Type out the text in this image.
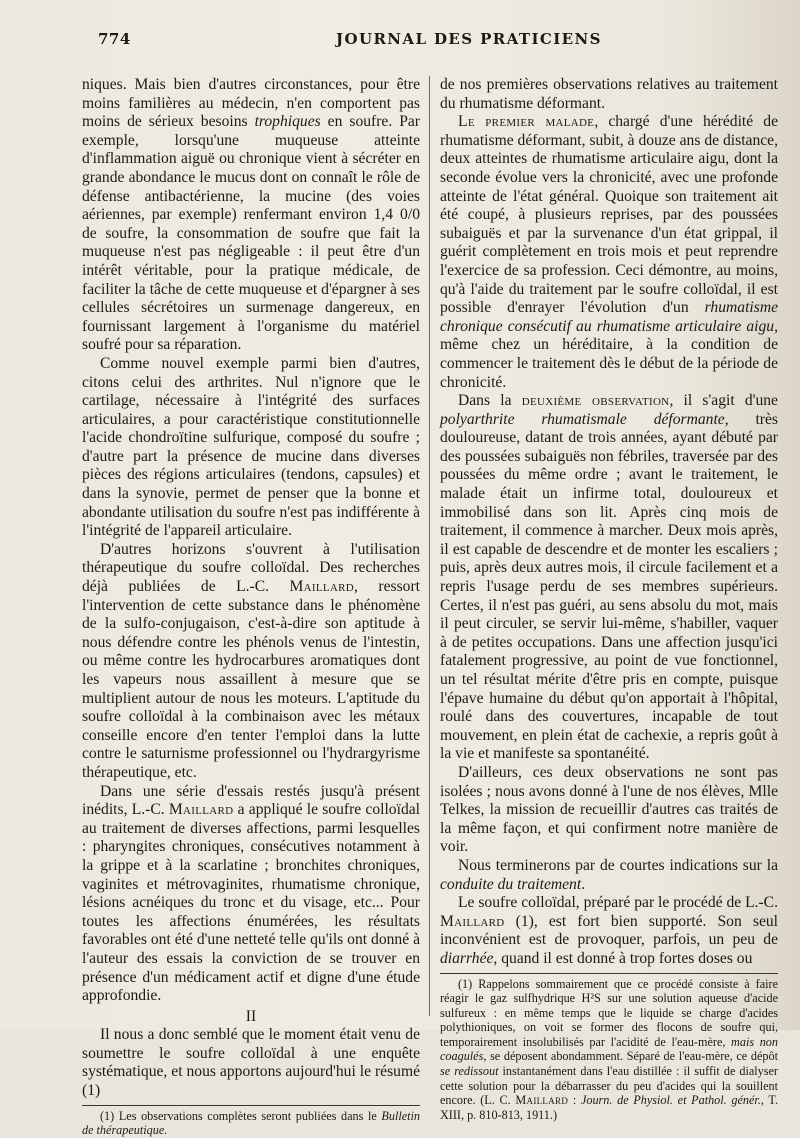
774	JOURNAL DES PRATICIENS

niques. Mais bien d'autres circonstances, pour être moins familières au médecin, n'en comportent pas moins de sérieux besoins trophiques en soufre. Par exemple, lorsqu'une muqueuse atteinte d'inflammation aiguë ou chronique vient à sécréter en grande abondance le mucus dont on connaît le rôle de défense antibactérienne, la mucine (des voies aériennes, par exemple) renfermant environ 1,4 0/0 de soufre, la consommation de soufre que fait la muqueuse n'est pas négligeable : il peut être d'un intérêt véritable, pour la pratique médicale, de faciliter la tâche de cette muqueuse et d'épargner à ses cellules sécrétoires un surmenage dangereux, en fournissant largement à l'organisme du matériel soufré pour sa réparation.

Comme nouvel exemple parmi bien d'autres, citons celui des arthrites. Nul n'ignore que le cartilage, nécessaire à l'intégrité des surfaces articulaires, a pour caractéristique constitutionnelle l'acide chondroïtine sulfurique, composé du soufre ; d'autre part la présence de mucine dans diverses pièces des régions articulaires (tendons, capsules) et dans la synovie, permet de penser que la bonne et abondante utilisation du soufre n'est pas indifférente à l'intégrité de l'appareil articulaire.

D'autres horizons s'ouvrent à l'utilisation thérapeutique du soufre colloïdal. Des recherches déjà publiées de L.-C. Maillard, ressort l'intervention de cette substance dans le phénomène de la sulfo-conjugaison, c'est-à-dire son aptitude à nous défendre contre les phénols venus de l'intestin, ou même contre les hydrocarbures aromatiques dont les vapeurs nous assaillent à mesure que se multiplient autour de nous les moteurs. L'aptitude du soufre colloïdal à la combinaison avec les métaux conseille encore d'en tenter l'emploi dans la lutte contre le saturnisme professionnel ou l'hydrargyrisme thérapeutique, etc.

Dans une série d'essais restés jusqu'à présent inédits, L.-C. Maillard a appliqué le soufre colloïdal au traitement de diverses affections, parmi lesquelles : pharyngites chroniques, consécutives notamment à la grippe et à la scarlatine ; bronchites chroniques, vaginites et métrovaginites, rhumatisme chronique, lésions acnéiques du tronc et du visage, etc... Pour toutes les affections énumérées, les résultats favorables ont été d'une netteté telle qu'ils ont donné à l'auteur des essais la conviction de se trouver en présence d'un médicament actif et digne d'une étude approfondie.

II

Il nous a donc semblé que le moment était venu de soumettre le soufre colloïdal à une enquête systématique, et nous apportons aujourd'hui le résumé (1)

(1) Les observations complètes seront publiées dans le Bulletin de thérapeutique.

de nos premières observations relatives au traitement du rhumatisme déformant.

Le premier malade, chargé d'une hérédité de rhumatisme déformant, subit, à douze ans de distance, deux atteintes de rhumatisme articulaire aigu, dont la seconde évolue vers la chronicité, avec une profonde atteinte de l'état général. Quoique son traitement ait été coupé, à plusieurs reprises, par des poussées subaiguës et par la survenance d'un état grippal, il guérit complètement en trois mois et peut reprendre l'exercice de sa profession. Ceci démontre, au moins, qu'à l'aide du traitement par le soufre colloïdal, il est possible d'enrayer l'évolution d'un rhumatisme chronique consécutif au rhumatisme articulaire aigu, même chez un héréditaire, à la condition de commencer le traitement dès le début de la période de chronicité.

Dans la deuxième observation, il s'agit d'une polyarthrite rhumatismale déformante, très douloureuse, datant de trois années, ayant débuté par des poussées subaiguës non fébriles, traversée par des poussées du même ordre ; avant le traitement, le malade était un infirme total, douloureux et immobilisé dans son lit. Après cinq mois de traitement, il commence à marcher. Deux mois après, il est capable de descendre et de monter les escaliers ; puis, après deux autres mois, il circule facilement et a repris l'usage perdu de ses membres supérieurs. Certes, il n'est pas guéri, au sens absolu du mot, mais il peut circuler, se servir lui-même, s'habiller, vaquer à de petites occupations. Dans une affection jusqu'ici fatalement progressive, au point de vue fonctionnel, un tel résultat mérite d'être pris en compte, puisque l'épave humaine du début qu'on apportait à l'hôpital, roulé dans des couvertures, incapable de tout mouvement, en plein état de cachexie, a repris goût à la vie et manifeste sa spontanéité.

D'ailleurs, ces deux observations ne sont pas isolées ; nous avons donné à l'une de nos élèves, Mlle Telkes, la mission de recueillir d'autres cas traités de la même façon, et qui confirment notre manière de voir.

Nous terminerons par de courtes indications sur la conduite du traitement.

Le soufre colloïdal, préparé par le procédé de L.-C. Maillard (1), est fort bien supporté. Son seul inconvénient est de provoquer, parfois, un peu de diarrhée, quand il est donné à trop fortes doses ou

(1) Rappelons sommairement que ce procédé consiste à faire réagir le gaz sulfhydrique H²S sur une solution aqueuse d'acide sulfureux : en même temps que le liquide se charge d'acides polythioniques, on voit se former des flocons de soufre qui, temporairement insolubilisés par l'acidité de l'eau-mère, mais non coagulés, se déposent abondamment. Séparé de l'eau-mère, ce dépôt se redissout instantanément dans l'eau distillée : il suffit de dialyser cette solution pour la débarrasser du peu d'acides qui la souillent encore. (L. C. Maillard : Journ. de Physiol. et Pathol. génér., T. XIII, p. 810-813, 1911.)
